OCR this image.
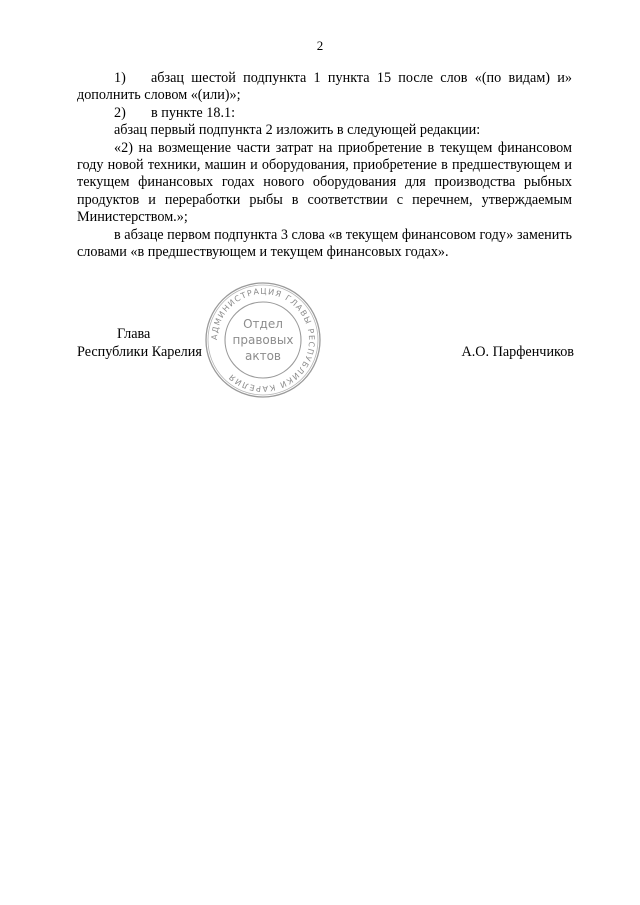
2

1) абзац шестой подпункта 1 пункта 15 после слов «(по видам) и» дополнить словом «(или)»;

2) в пункте 18.1:

абзац первый подпункта 2 изложить в следующей редакции:

«2) на возмещение части затрат на приобретение в текущем финансовом году новой техники, машин и оборудования, приобретение в предшествующем и текущем финансовых годах нового оборудования для производства рыбных продуктов и переработки рыбы в соответствии с перечнем, утверждаемым Министерством.»;

в абзаце первом подпункта 3 слова «в текущем финансовом году» заменить словами «в предшествующем и текущем финансовых годах».

Глава
Республики Карелия	А.О. Парфенчиков
АДМИНИСТРАЦИЯ ГЛАВЫ РЕСПУБЛИКИ КАРЕЛИЯ
Отдел
правовых
актов
